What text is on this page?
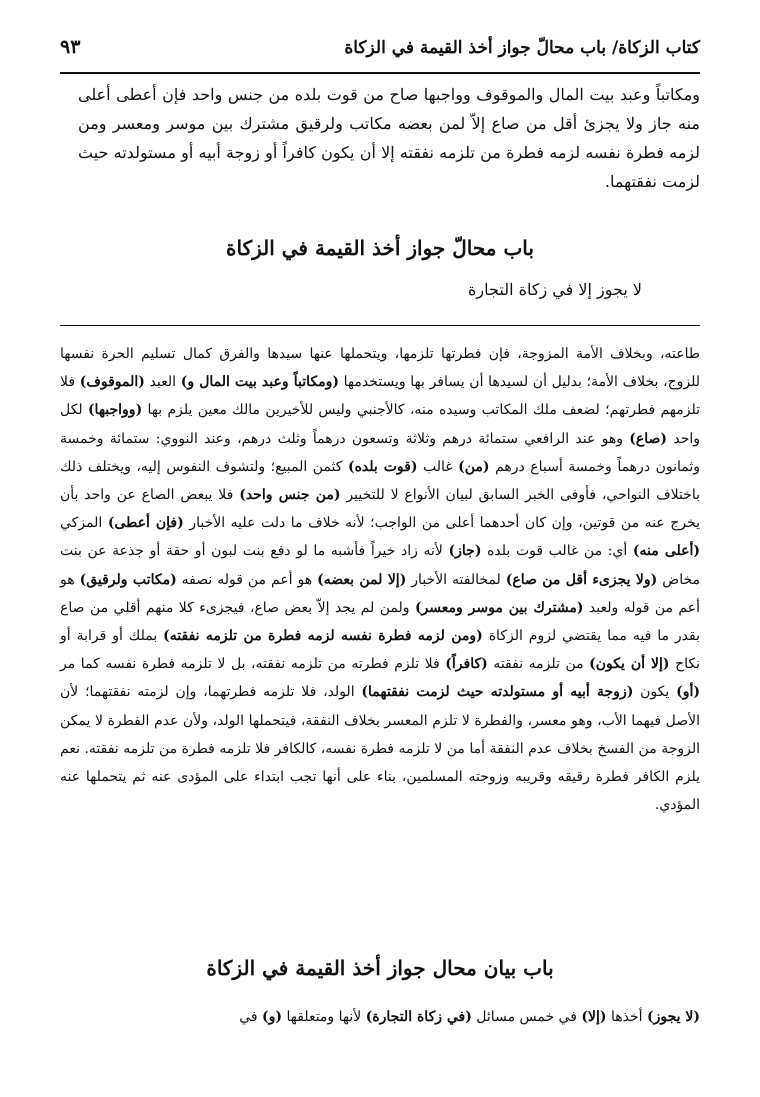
كتاب الزكاة/ باب محالّ جواز أخذ القيمة في الزكاة
٩٣

ومكاتباً وعبد بيت المال والموقوف وواجبها صاح من قوت بلده من جنس واحد فإن أعطى أعلى منه جاز ولا يجزئ أقل من صاع إلاّ لمن بعضه مكاتب ولرقيق مشترك بين موسر ومعسر ومن لزمه فطرة نفسه لزمه فطرة من تلزمه نفقته إلا أن يكون كافراً أو زوجة أبيه أو مستولدته حيث لزمت نفقتهما.

باب محالّ جواز أخذ القيمة في الزكاة
لا يجوز إلا في زكاة التجارة

طاعته، وبخلاف الأمة المزوجة، فإن فطرتها تلزمها، ويتحملها عنها سيدها والفرق كمال تسليم الحرة نفسها للزوج، بخلاف الأمة؛ بدليل أن لسيدها أن يسافر بها ويستخدمها (ومكاتباً وعبد بيت المال و) العبد (الموقوف) فلا تلزمهم فطرتهم؛ لضعف ملك المكاتب وسيده منه، كالأجنبي وليس للأخيرين مالك معين يلزم بها (وواجبها) لكل واحد (صاع) وهو عند الرافعي ستمائة درهم وثلاثة وتسعون درهماً وثلث درهم، وعند النووي: ستمائة وخمسة وثمانون درهماً وخمسة أسباع درهم (من) غالب (قوت بلده) كثمن المبيع؛ ولتشوف النفوس إليه، ويختلف ذلك باختلاف النواحي، فأوفى الخبر السابق لبيان الأنواع لا للتخيير (من جنس واحد) فلا يبعض الصاع عن واحد بأن يخرج عنه من قوتين، وإن كان أحدهما أعلى من الواجب؛ لأنه خلاف ما دلت عليه الأخبار (فإن أعطى) المزكي (أعلى منه) أي: من غالب قوت بلده (جاز) لأنه زاد خيراً فأشبه ما لو دفع بنت لبون أو حقة أو جذعة عن بنت مخاض (ولا يجزىء أقل من صاع) لمخالفته الأخبار (إلا لمن بعضه) هو أعم من قوله نصفه (مكاتب ولرقيق) هو أعم من قوله ولعبد (مشترك بين موسر ومعسر) ولمن لم يجد إلاّ بعض صاع، فيجزىء كلا منهم أقلي من صاع بقدر ما فيه مما يقتضي لزوم الزكاة (ومن لزمه فطرة نفسه لزمه فطرة من تلزمه نفقته) بملك أو قرابة أو نكاح (إلا أن يكون) من تلزمه نفقته (كافراً) فلا تلزم فطرته من تلزمه نفقته، بل لا تلزمه فطرة نفسه كما مر (أو) يكون (زوجة أبيه أو مستولدته حيث لزمت نفقتهما) الولد، فلا تلزمه فطرتهما، وإن لزمته نفقتهما؛ لأن الأصل فيهما الأب، وهو معسر، والفطرة لا تلزم المعسر بخلاف النفقة، فيتحملها الولد، ولأن عدم الفطرة لا يمكن الزوجة من الفسخ بخلاف عدم النفقة أما من لا تلزمه فطرة نفسه، كالكافر فلا تلزمه فطرة من تلزمه نفقته. نعم يلزم الكافر فطرة رقيقه وقريبه وزوجته المسلمين، بناء على أنها تجب ابتداء على المؤدى عنه ثم يتحملها عنه المؤدي.

باب بيان محال جواز أخذ القيمة في الزكاة
(لا يجوز) أخذها (إلا) في خمس مسائل (في زكاة التجارة) لأنها ومتعلقها (و) في
